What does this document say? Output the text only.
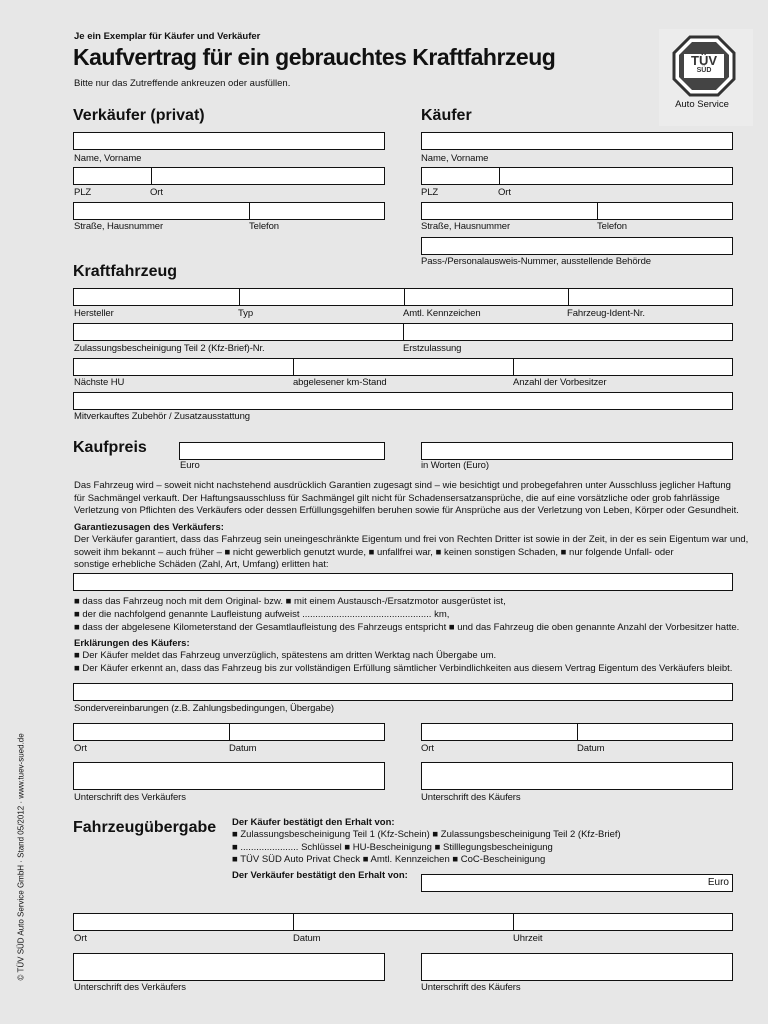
Je ein Exemplar für Käufer und Verkäufer
Kaufvertrag für ein gebrauchtes Kraftfahrzeug
Bitte nur das Zutreffende ankreuzen oder ausfüllen.
TÜV
SÜD
Auto Service
Verkäufer (privat)
Name, Vorname
PLZ	Ort
Straße, Hausnummer	Telefon
Käufer
Name, Vorname
PLZ	Ort
Straße, Hausnummer	Telefon
Pass-/Personalausweis-Nummer, ausstellende Behörde
Kraftfahrzeug
Hersteller	Typ	Amtl. Kennzeichen	Fahrzeug-Ident-Nr.
Zulassungsbescheinigung Teil 2 (Kfz-Brief)-Nr.	Erstzulassung
Nächste HU	abgelesener km-Stand	Anzahl der Vorbesitzer
Mitverkauftes Zubehör / Zusatzausstattung
Kaufpreis
Euro	in Worten (Euro)
Das Fahrzeug wird – soweit nicht nachstehend ausdrücklich Garantien zugesagt sind – wie besichtigt und probegefahren unter Ausschluss jeglicher Haftung
für Sachmängel verkauft. Der Haftungsausschluss für Sachmängel gilt nicht für Schadensersatzansprüche, die auf eine vorsätzliche oder grob fahrlässige
Verletzung von Pflichten des Verkäufers oder dessen Erfüllungsgehilfen beruhen sowie für Ansprüche aus der Verletzung von Leben, Körper oder Gesundheit.
Garantiezusagen des Verkäufers:
Der Verkäufer garantiert, dass das Fahrzeug sein uneingeschränkte Eigentum und frei von Rechten Dritter ist sowie in der Zeit, in der es sein Eigentum war und,
soweit ihm bekannt – auch früher – ■ nicht gewerblich genutzt wurde, ■ unfallfrei war, ■ keinen sonstigen Schaden, ■ nur folgende Unfall- oder
sonstige erhebliche Schäden (Zahl, Art, Umfang) erlitten hat:
■ dass das Fahrzeug noch mit dem Original- bzw. ■ mit einem Austausch-/Ersatzmotor ausgerüstet ist,
■ der die nachfolgend genannte Laufleistung aufweist ................................................. km,
■ dass der abgelesene Kilometerstand der Gesamtlaufleistung des Fahrzeugs entspricht ■ und das Fahrzeug die oben genannte Anzahl der Vorbesitzer hatte.
Erklärungen des Käufers:
■ Der Käufer meldet das Fahrzeug unverzüglich, spätestens am dritten Werktag nach Übergabe um.
■ Der Käufer erkennt an, dass das Fahrzeug bis zur vollständigen Erfüllung sämtlicher Verbindlichkeiten aus diesem Vertrag Eigentum des Verkäufers bleibt.
Sondervereinbarungen (z.B. Zahlungsbedingungen, Übergabe)
Ort	Datum	Ort	Datum
Unterschrift des Verkäufers	Unterschrift des Käufers
Fahrzeugübergabe Der Käufer bestätigt den Erhalt von:
■ Zulassungsbescheinigung Teil 1 (Kfz-Schein) ■ Zulassungsbescheinigung Teil 2 (Kfz-Brief)
■ ...................... Schlüssel ■ HU-Bescheinigung ■ Stilllegungsbescheinigung
■ TÜV SÜD Auto Privat Check ■ Amtl. Kennzeichen ■ CoC-Bescheinigung
Der Verkäufer bestätigt den Erhalt von:
Euro
Ort	Datum	Uhrzeit
Unterschrift des Verkäufers	Unterschrift des Käufers
© TÜV SÜD Auto Service GmbH · Stand 05/2012 · www.tuev-sued.de
